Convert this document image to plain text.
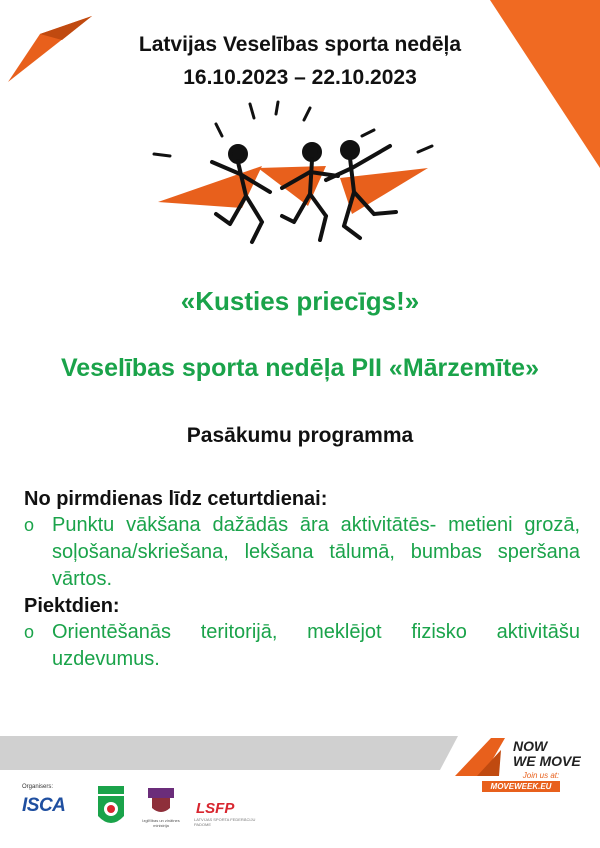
Latvijas Veselības sporta nedēļa
16.10.2023 – 22.10.2023
«Kusties priecīgs!»
Veselības sporta nedēļa PII «Mārzemīte»
Pasākumu programma
No pirmdienas līdz ceturtdienai:
o Punktu vākšana dažādās āra aktivitātēs- metieni grozā, soļošana/skriešana, lekšana tālumā, bumbas speršana vārtos.
Piektdien:
o Orientēšanās teritorijā, meklējot fizisko aktivitāšu uzdevumus.
NOW
WE MOVE
Join us at:
MOVEWEEK.EU
Organisers:
ISCA
Izglītības un zinātnes ministrija
LSFP
LATVIJAS SPORTA FEDERĀCIJU PADOME
